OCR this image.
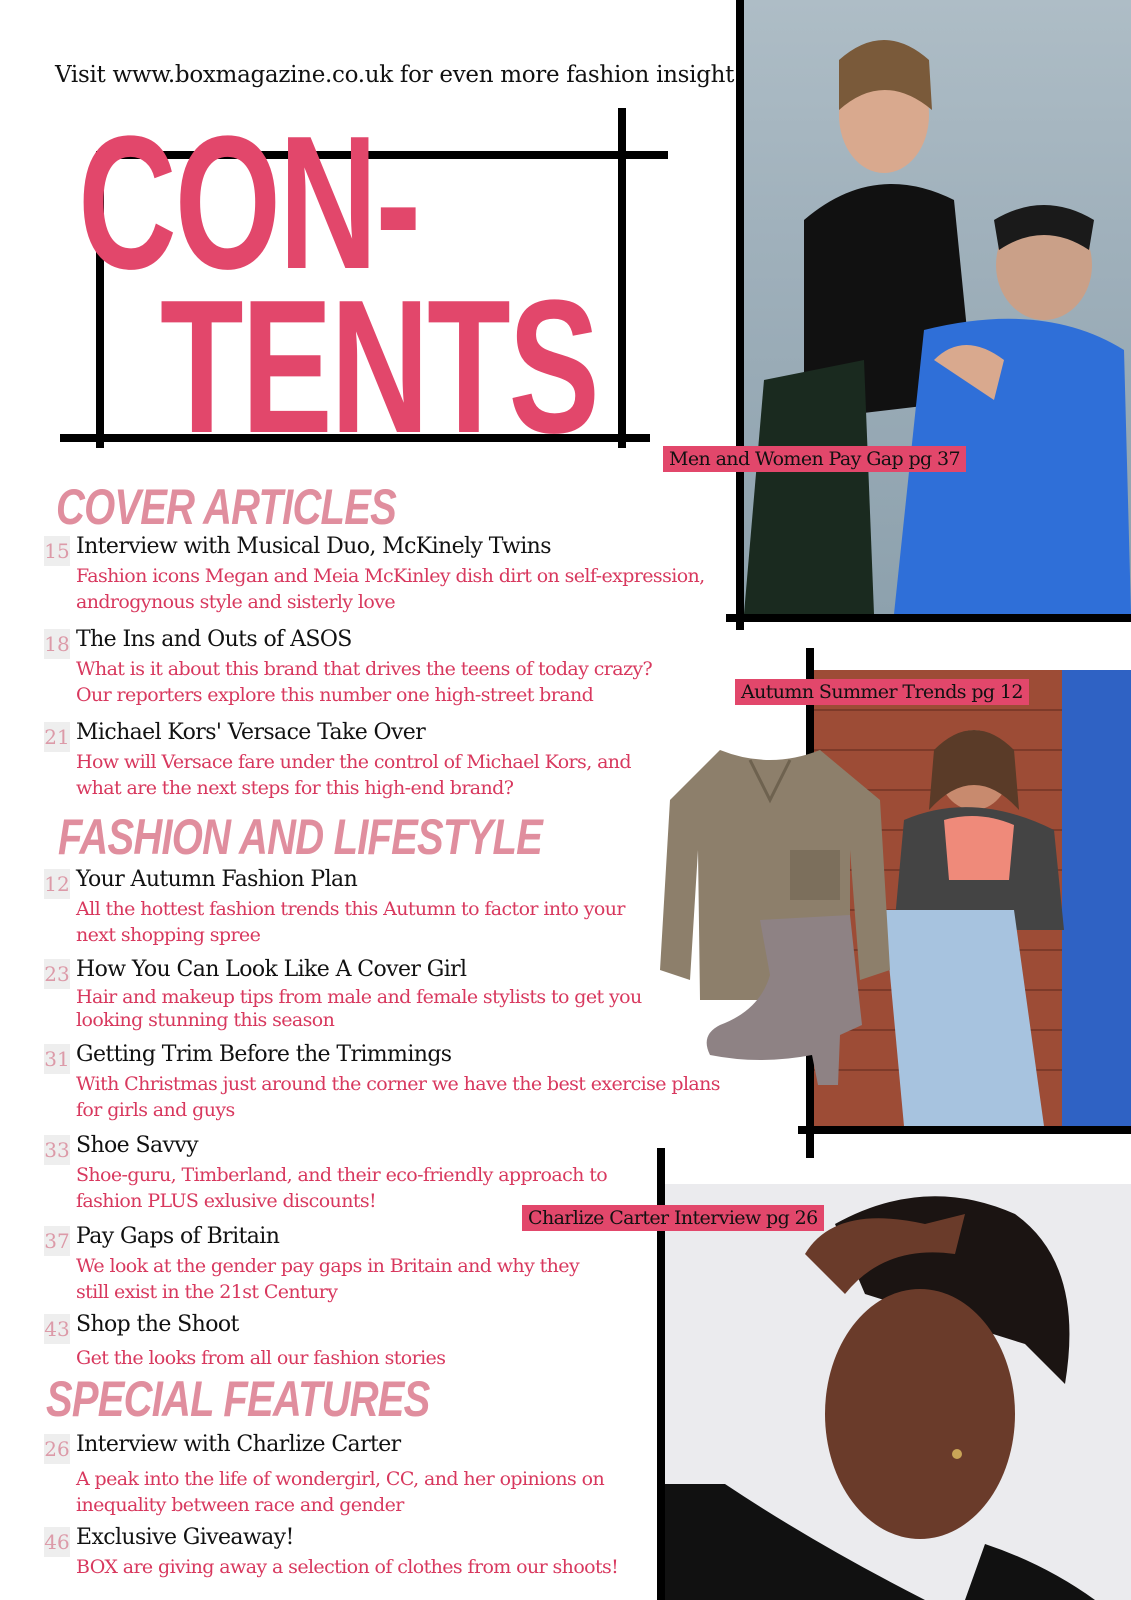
Visit www.boxmagazine.co.uk for even more fashion insight
CON-
TENTS	Men and Women Pay Gap pg 37
Autumn Summer Trends pg 12
Charlize Carter Interview pg 26
COVER ARTICLES
15 Interview with Musical Duo, McKinely Twins
Fashion icons Megan and Meia McKinley dish dirt on self-expression, androgynous style and sisterly love
18 The Ins and Outs of ASOS
What is it about this brand that drives the teens of today crazy? Our reporters explore this number one high-street brand
21 Michael Kors' Versace Take Over
How will Versace fare under the control of Michael Kors, and what are the next steps for this high-end brand?
FASHION AND LIFESTYLE
12 Your Autumn Fashion Plan
All the hottest fashion trends this Autumn to factor into your next shopping spree
23 How You Can Look Like A Cover Girl
Hair and makeup tips from male and female stylists to get you looking stunning this season
31 Getting Trim Before the Trimmings
With Christmas just around the corner we have the best exercise plans for girls and guys
33 Shoe Savvy
Shoe-guru, Timberland, and their eco-friendly approach to fashion PLUS exlusive discounts!
37 Pay Gaps of Britain
We look at the gender pay gaps in Britain and why they still exist in the 21st Century
43 Shop the Shoot
Get the looks from all our fashion stories
SPECIAL FEATURES
26 Interview with Charlize Carter
A peak into the life of wondergirl, CC, and her opinions on inequality between race and gender
46 Exclusive Giveaway!
BOX are giving away a selection of clothes from our shoots!
